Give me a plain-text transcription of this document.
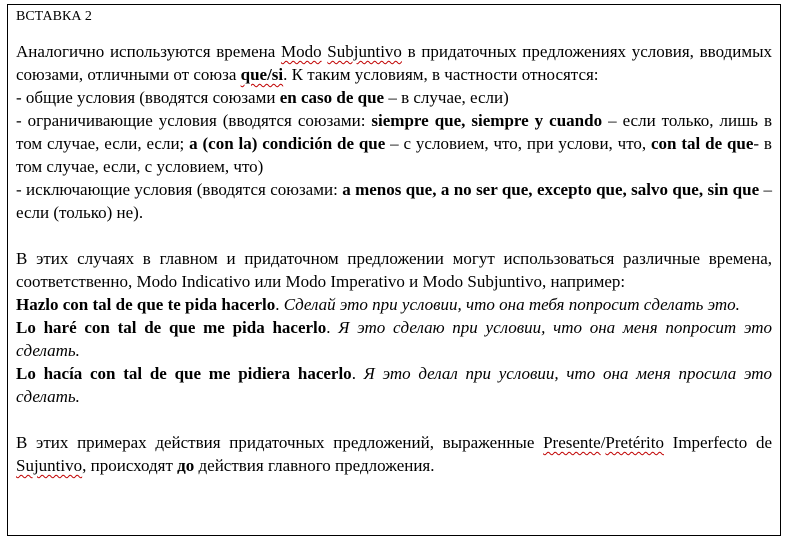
ВСТАВКА 2

Аналогично используются времена Modo Subjuntivo в придаточных предложениях условия, вводимых союзами, отличными от союза que/si. К таким условиям, в частности относятся:

- общие условия (вводятся союзами en caso de que – в случае, если)

- ограничивающие условия (вводятся союзами: siempre que, siempre y cuando – если только, лишь в том случае, если, если; a (con la) condición de que – с условием, что, при услови, что, con tal de que- в том случае, если, с условием, что)

- исключающие условия (вводятся союзами: a menos que, a no ser que, excepto que, salvo que, sin que – если (только) не).

В этих случаях в главном и придаточном предложении могут использоваться различные времена, соответственно, Modo Indicativo или Modo Imperativo и Modo Subjuntivo, например:

Hazlo con tal de que te pida hacerlo. Сделай это при условии, что она тебя попросит сделать это.

Lo haré con tal de que me pida hacerlo. Я это сделаю при условии, что она меня попросит это сделать.

Lo hacía con tal de que me pidiera hacerlo. Я это делал при условии, что она меня просила это сделать.

В этих примерах действия придаточных предложений, выраженные Presente/Pretérito Imperfecto de Sujuntivo, происходят до действия главного предложения.
